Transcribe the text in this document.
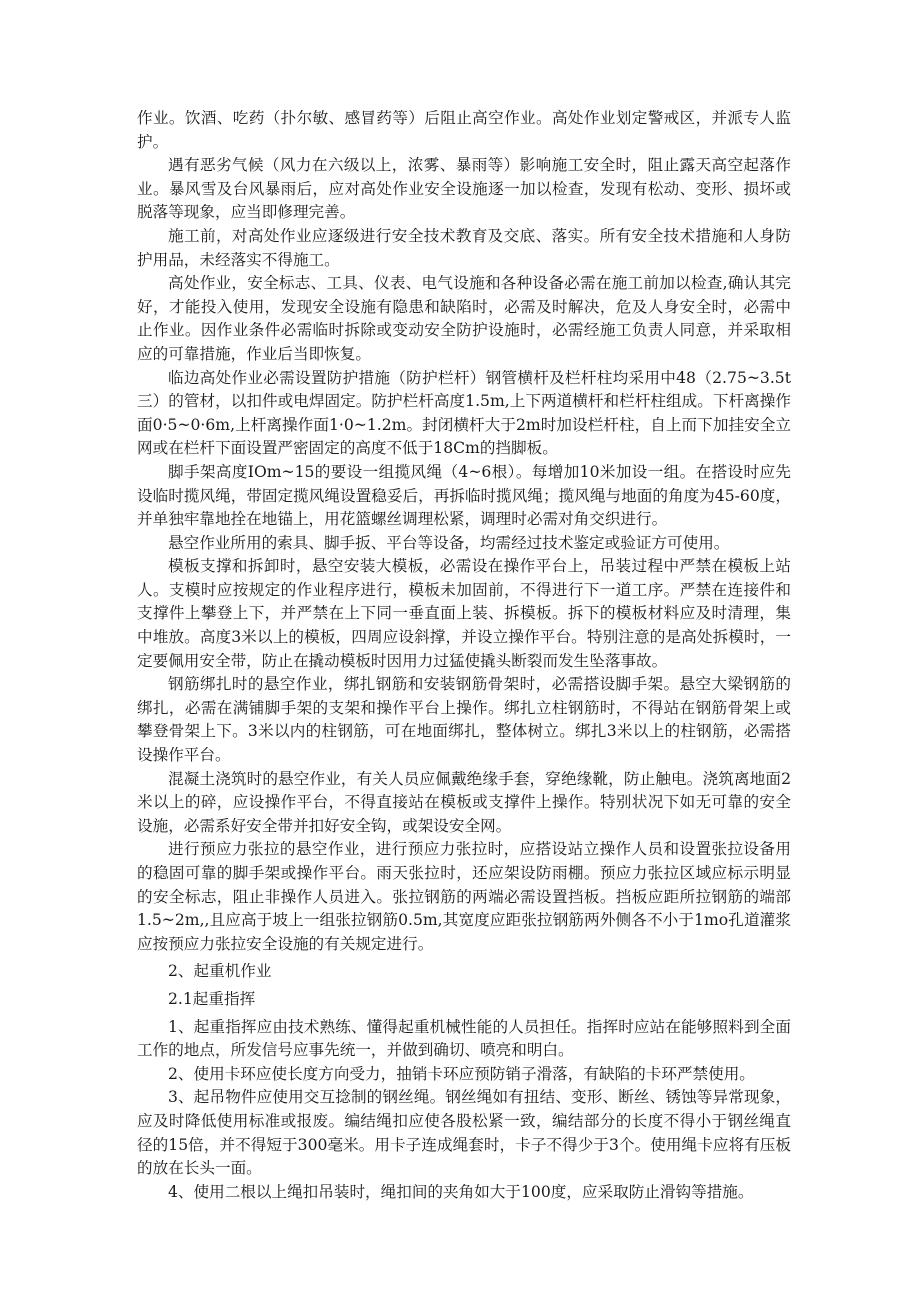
作业。饮酒、吃药（扑尔敏、感冒药等）后阻止高空作业。高处作业划定警戒区，并派专人监护。

遇有恶劣气候（风力在六级以上，浓雾、暴雨等）影响施工安全时，阻止露天高空起落作业。暴风雪及台风暴雨后，应对高处作业安全设施逐一加以检查，发现有松动、变形、损坏或脱落等现象，应当即修理完善。

施工前，对高处作业应逐级进行安全技术教育及交底、落实。所有安全技术措施和人身防护用品，未经落实不得施工。

高处作业，安全标志、工具、仪表、电气设施和各种设备必需在施工前加以检查,确认其完好，才能投入使用，发现安全设施有隐患和缺陷时，必需及时解决，危及人身安全时，必需中止作业。因作业条件必需临时拆除或变动安全防护设施时，必需经施工负责人同意，并采取相应的可靠措施，作业后当即恢复。

临边高处作业必需设置防护措施（防护栏杆）钢管横杆及栏杆柱均采用中48（2.75~3.5t三）的管材，以扣件或电焊固定。防护栏杆高度1.5m,上下两道横杆和栏杆柱组成。下杆离操作面0·5~0·6m,上杆离操作面1·0~1.2m。封闭横杆大于2m时加设栏杆柱，自上而下加挂安全立网或在栏杆下面设置严密固定的高度不低于18Cm的挡脚板。

脚手架高度IOm~15的要设一组揽风绳（4~6根）。每增加10米加设一组。在搭设时应先设临时揽风绳，带固定揽风绳设置稳妥后，再拆临时揽风绳；揽风绳与地面的角度为45-60度，并单独牢靠地拴在地锚上，用花篮螺丝调理松紧，调理时必需对角交织进行。

悬空作业所用的索具、脚手扳、平台等设备，均需经过技术鉴定或验证方可使用。

模板支撑和拆卸时，悬空安装大模板，必需设在操作平台上，吊装过程中严禁在模板上站人。支模时应按规定的作业程序进行，模板未加固前，不得进行下一道工序。严禁在连接件和支撑件上攀登上下，并严禁在上下同一垂直面上装、拆模板。拆下的模板材料应及时清理，集中堆放。高度3米以上的模板，四周应设斜撑，并设立操作平台。特别注意的是高处拆模时，一定要佩用安全带，防止在撬动模板时因用力过猛使撬头断裂而发生坠落事故。

钢筋绑扎时的悬空作业，绑扎钢筋和安装钢筋骨架时，必需搭设脚手架。悬空大梁钢筋的绑扎，必需在满铺脚手架的支架和操作平台上操作。绑扎立柱钢筋时，不得站在钢筋骨架上或攀登骨架上下。3米以内的柱钢筋，可在地面绑扎，整体树立。绑扎3米以上的柱钢筋，必需搭设操作平台。

混凝土浇筑时的悬空作业，有关人员应佩戴绝缘手套，穿绝缘靴，防止触电。浇筑离地面2米以上的碎，应设操作平台，不得直接站在模板或支撑件上操作。特别状况下如无可靠的安全设施，必需系好安全带并扣好安全钩，或架设安全网。

进行预应力张拉的悬空作业，进行预应力张拉时，应搭设站立操作人员和设置张拉设备用的稳固可靠的脚手架或操作平台。雨天张拉时，还应架设防雨棚。预应力张拉区域应标示明显的安全标志，阻止非操作人员进入。张拉钢筋的两端必需设置挡板。挡板应距所拉钢筋的端部1.5~2m,,且应高于坡上一组张拉钢筋0.5m,其宽度应距张拉钢筋两外侧各不小于1mo孔道灌浆应按预应力张拉安全设施的有关规定进行。

2、起重机作业

2.1起重指挥

1、起重指挥应由技术熟练、懂得起重机械性能的人员担任。指挥时应站在能够照料到全面工作的地点，所发信号应事先统一，并做到确切、喷亮和明白。

2、使用卡环应使长度方向受力，抽销卡环应预防销子滑落，有缺陷的卡环严禁使用。

3、起吊物件应使用交互捻制的钢丝绳。钢丝绳如有扭结、变形、断丝、锈蚀等异常现象，应及时降低使用标准或报废。编结绳扣应使各股松紧一致，编结部分的长度不得小于钢丝绳直径的15倍，并不得短于300毫米。用卡子连成绳套时，卡子不得少于3个。使用绳卡应将有压板的放在长头一面。

4、使用二根以上绳扣吊装时，绳扣间的夹角如大于100度，应采取防止滑钩等措施。
